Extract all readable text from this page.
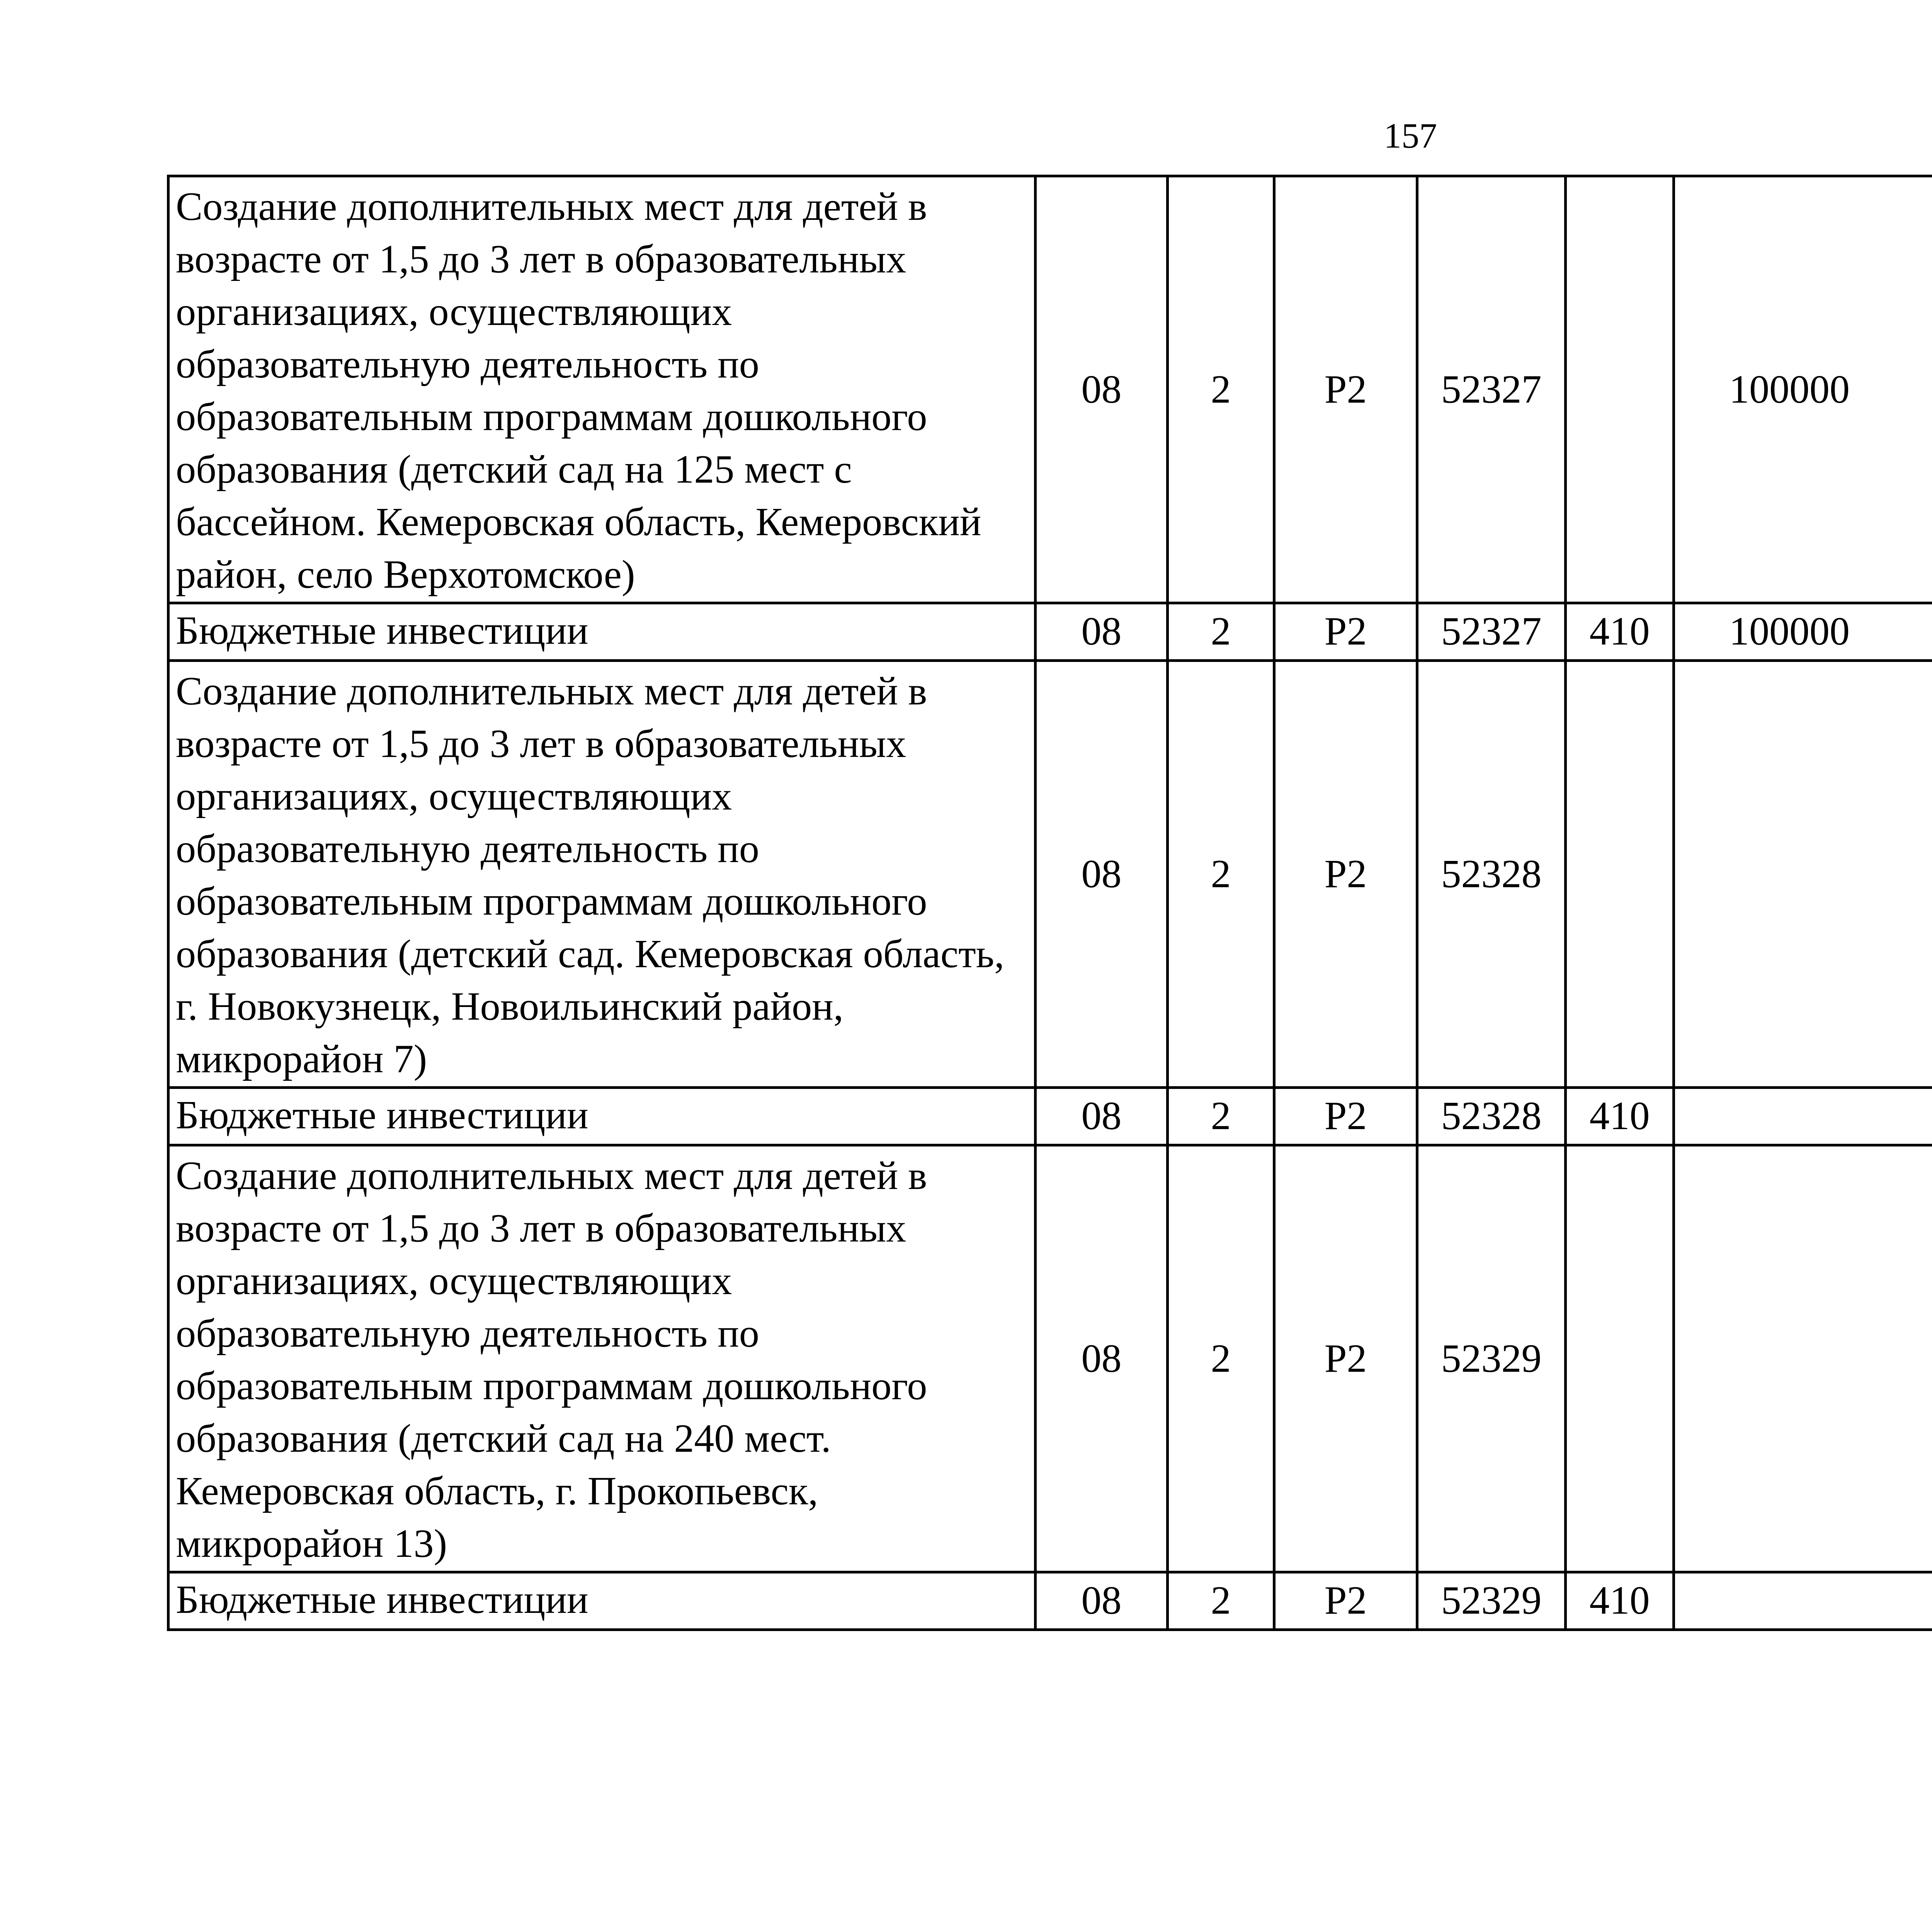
157
Создание дополнительных мест для детей в возрасте от 1,5 до 3 лет в образовательных организациях, осуществляющих образовательную деятельность по образовательным программам дошкольного образования (детский сад на 125 мест с бассейном. Кемеровская область, Кемеровский район, село Верхотомское)	08	2	P2	52327		100000		
Бюджетные инвестиции	08	2	P2	52327	410	100000		
Создание дополнительных мест для детей в возрасте от 1,5 до 3 лет в образовательных организациях, осуществляющих образовательную деятельность по образовательным программам дошкольного образования (детский сад. Кемеровская область, г. Новокузнецк, Новоильинский район, микрорайон 7)	08	2	P2	52328				
Бюджетные инвестиции	08	2	P2	52328	410			
Создание дополнительных мест для детей в возрасте от 1,5 до 3 лет в образовательных организациях, осуществляющих образовательную деятельность по образовательным программам дошкольного образования (детский сад на 240 мест. Кемеровская область, г. Прокопьевск, микрорайон 13)	08	2	P2	52329				
Бюджетные инвестиции	08	2	P2	52329	410			
